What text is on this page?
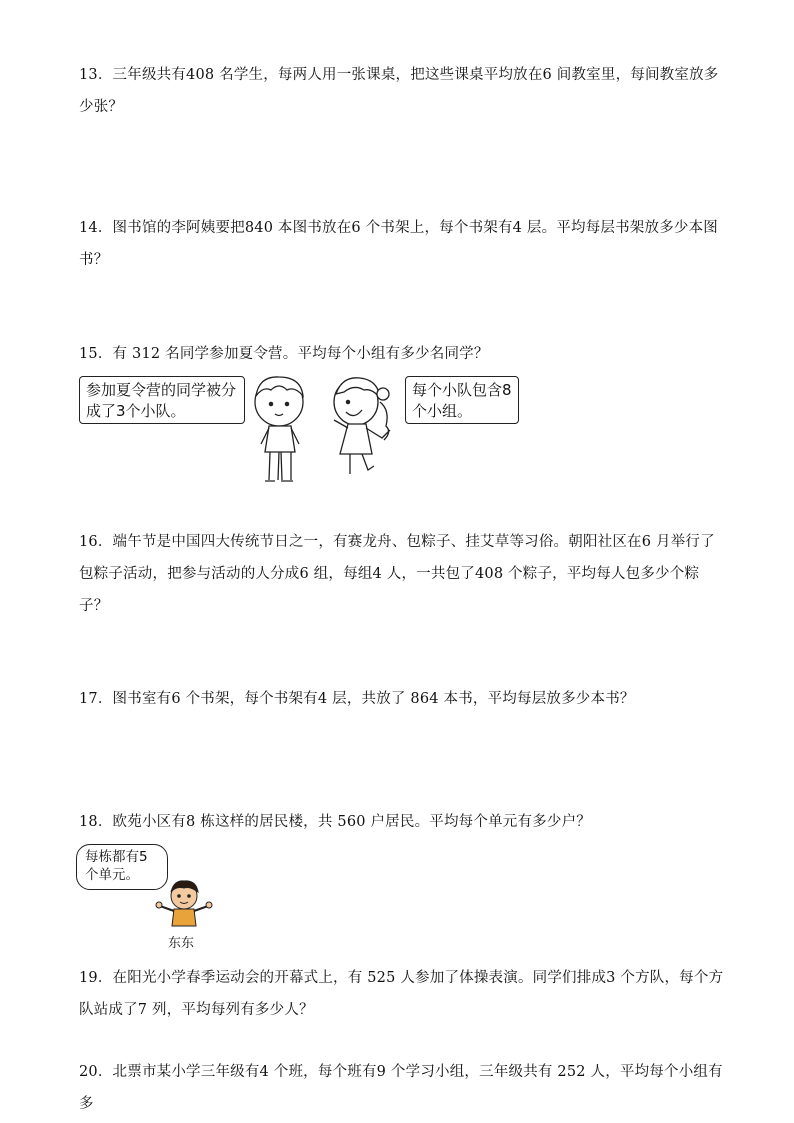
13．三年级共有408 名学生，每两人用一张课桌，把这些课桌平均放在6 间教室里，每间教室放多少张？
14．图书馆的李阿姨要把840 本图书放在6 个书架上，每个书架有4 层。平均每层书架放多少本图书？
15．有 312 名同学参加夏令营。平均每个小组有多少名同学？
参加夏令营的同学被分成了3个小队。
每个小队包含8个小组。
16．端午节是中国四大传统节日之一，有赛龙舟、包粽子、挂艾草等习俗。朝阳社区在6 月举行了包粽子活动，把参与活动的人分成6 组，每组4 人，一共包了408 个粽子，平均每人包多少个粽子？
17．图书室有6 个书架，每个书架有4 层，共放了 864 本书，平均每层放多少本书？
18．欧苑小区有8 栋这样的居民楼，共 560 户居民。平均每个单元有多少户？
每栋都有5个单元。
东东
19．在阳光小学春季运动会的开幕式上，有 525 人参加了体操表演。同学们排成3 个方队，每个方队站成了7 列，平均每列有多少人？
20．北票市某小学三年级有4 个班，每个班有9 个学习小组，三年级共有 252 人，平均每个小组有多
